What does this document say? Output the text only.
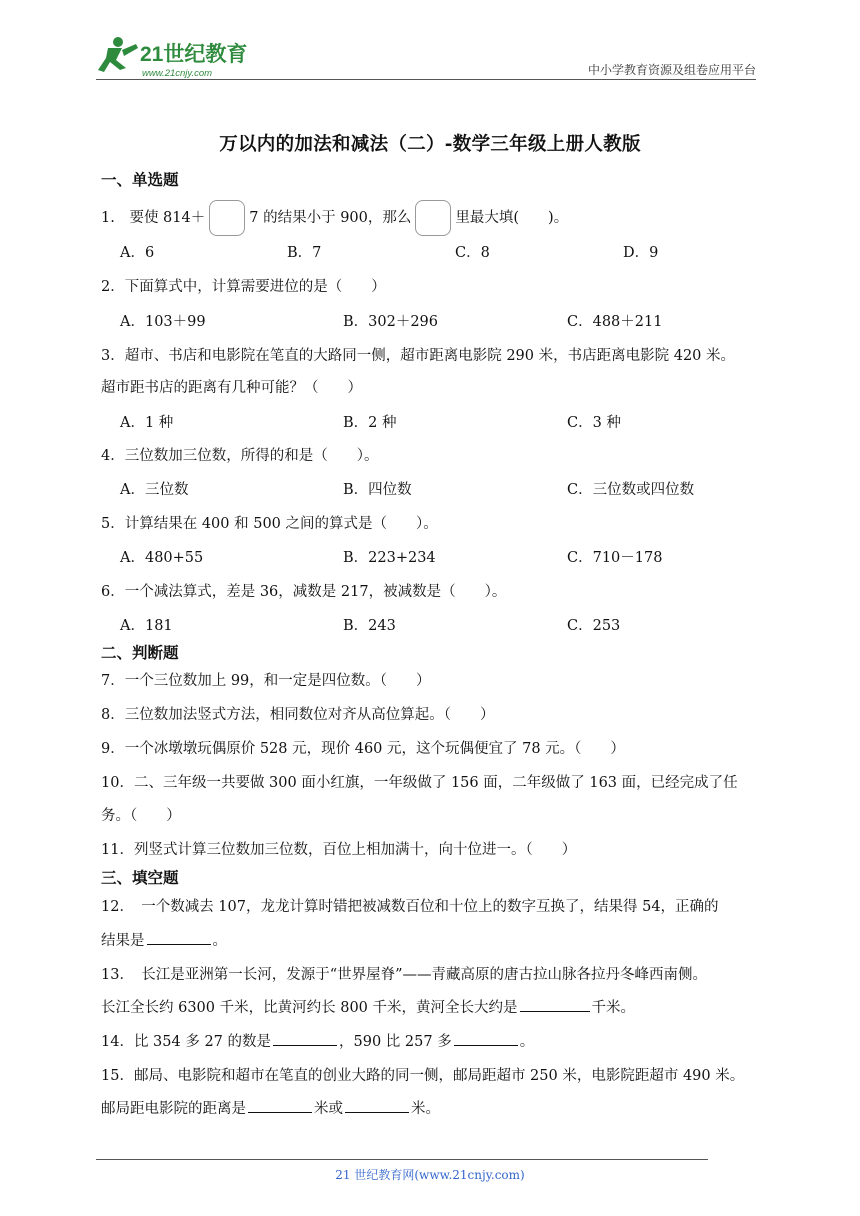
21世纪教育
www.21cnjy.com	中小学教育资源及组卷应用平台
万以内的加法和减法（二）-数学三年级上册人教版
一、单选题
1. 要使 814＋	7 的结果小于 900，那么	里最大填(　　)。
A．6	B．7	C．8	D．9
2．下面算式中，计算需要进位的是（　　）
A．103＋99	B．302＋296	C．488＋211
3．超市、书店和电影院在笔直的大路同一侧，超市距离电影院 290 米，书店距离电影院 420 米。
超市距书店的距离有几种可能？（　　）
A．1 种	B．2 种	C．3 种
4．三位数加三位数，所得的和是（　　）。
A．三位数	B．四位数	C．三位数或四位数
5．计算结果在 400 和 500 之间的算式是（　　）。
A．480+55	B．223+234	C．710－178
6．一个减法算式，差是 36，减数是 217，被减数是（　　）。
A．181	B．243	C．253
二、判断题
7．一个三位数加上 99，和一定是四位数。（　　）
8．三位数加法竖式方法，相同数位对齐从高位算起。（　　）
9．一个冰墩墩玩偶原价 528 元，现价 460 元，这个玩偶便宜了 78 元。（　　）
10．二、三年级一共要做 300 面小红旗，一年级做了 156 面，二年级做了 163 面，已经完成了任
务。（　　）
11．列竖式计算三位数加三位数，百位上相加满十，向十位进一。（　　）
三、填空题
12．　一个数减去 107，龙龙计算时错把被减数百位和十位上的数字互换了，结果得 54，正确的
结果是	。
13．　长江是亚洲第一长河，发源于“世界屋脊”——青藏高原的唐古拉山脉各拉丹冬峰西南侧。
长江全长约 6300 千米，比黄河约长 800 千米，黄河全长大约是	千米。
14．比 354 多 27 的数是	，590 比 257 多	。
15．邮局、电影院和超市在笔直的创业大路的同一侧，邮局距超市 250 米，电影院距超市 490 米。
邮局距电影院的距离是	米或	米。
21 世纪教育网(www.21cnjy.com)
